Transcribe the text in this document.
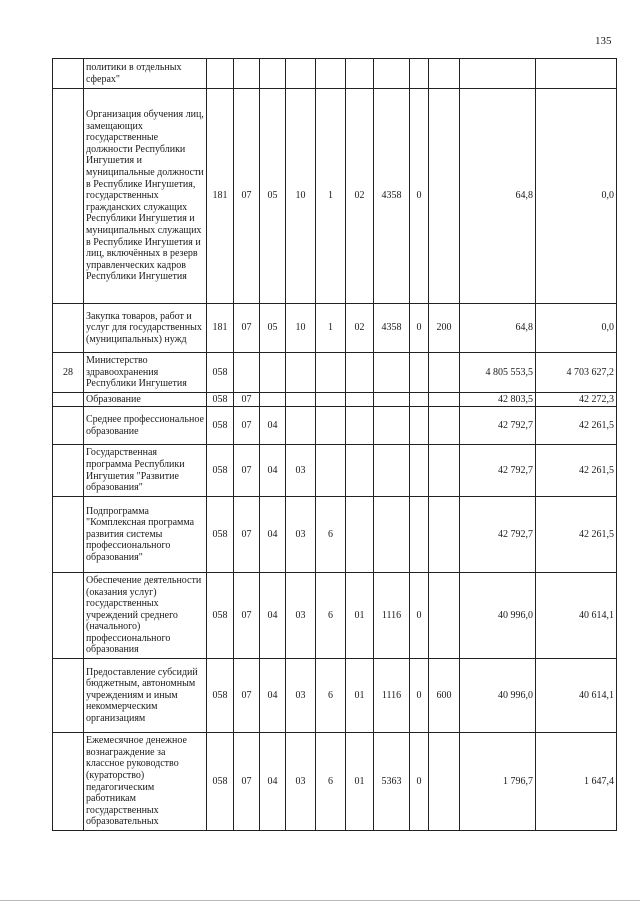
135
	политики в отдельных сферах"											
	Организация обучения лиц, замещающих государственные должности Республики Ингушетия и муниципальные должности в Республике Ингушетия, государственных гражданских служащих Республики Ингушетия и муниципальных служащих в Республике Ингушетия и лиц, включённых в резерв управленческих кадров Республики Ингушетия	181	07	05	10	1	02	4358	0		64,8	0,0
	Закупка товаров, работ и услуг для государственных (муниципальных) нужд	181	07	05	10	1	02	4358	0	200	64,8	0,0
28	Министерство здравоохранения Республики Ингушетия	058									4 805 553,5	4 703 627,2
	Образование	058	07								42 803,5	42 272,3
	Среднее профессиональное образование	058	07	04							42 792,7	42 261,5
	Государственная программа Республики Ингушетия "Развитие образования"	058	07	04	03						42 792,7	42 261,5
	Подпрограмма "Комплексная программа развития системы профессионального образования"	058	07	04	03	6					42 792,7	42 261,5
	Обеспечение деятельности (оказания услуг) государственных учреждений среднего (начального) профессионального образования	058	07	04	03	6	01	1116	0		40 996,0	40 614,1
	Предоставление субсидий бюджетным, автономным учреждениям и иным некоммерческим организациям	058	07	04	03	6	01	1116	0	600	40 996,0	40 614,1
	Ежемесячное денежное вознаграждение за классное руководство (кураторство) педагогическим работникам государственных образовательных	058	07	04	03	6	01	5363	0		1 796,7	1 647,4
